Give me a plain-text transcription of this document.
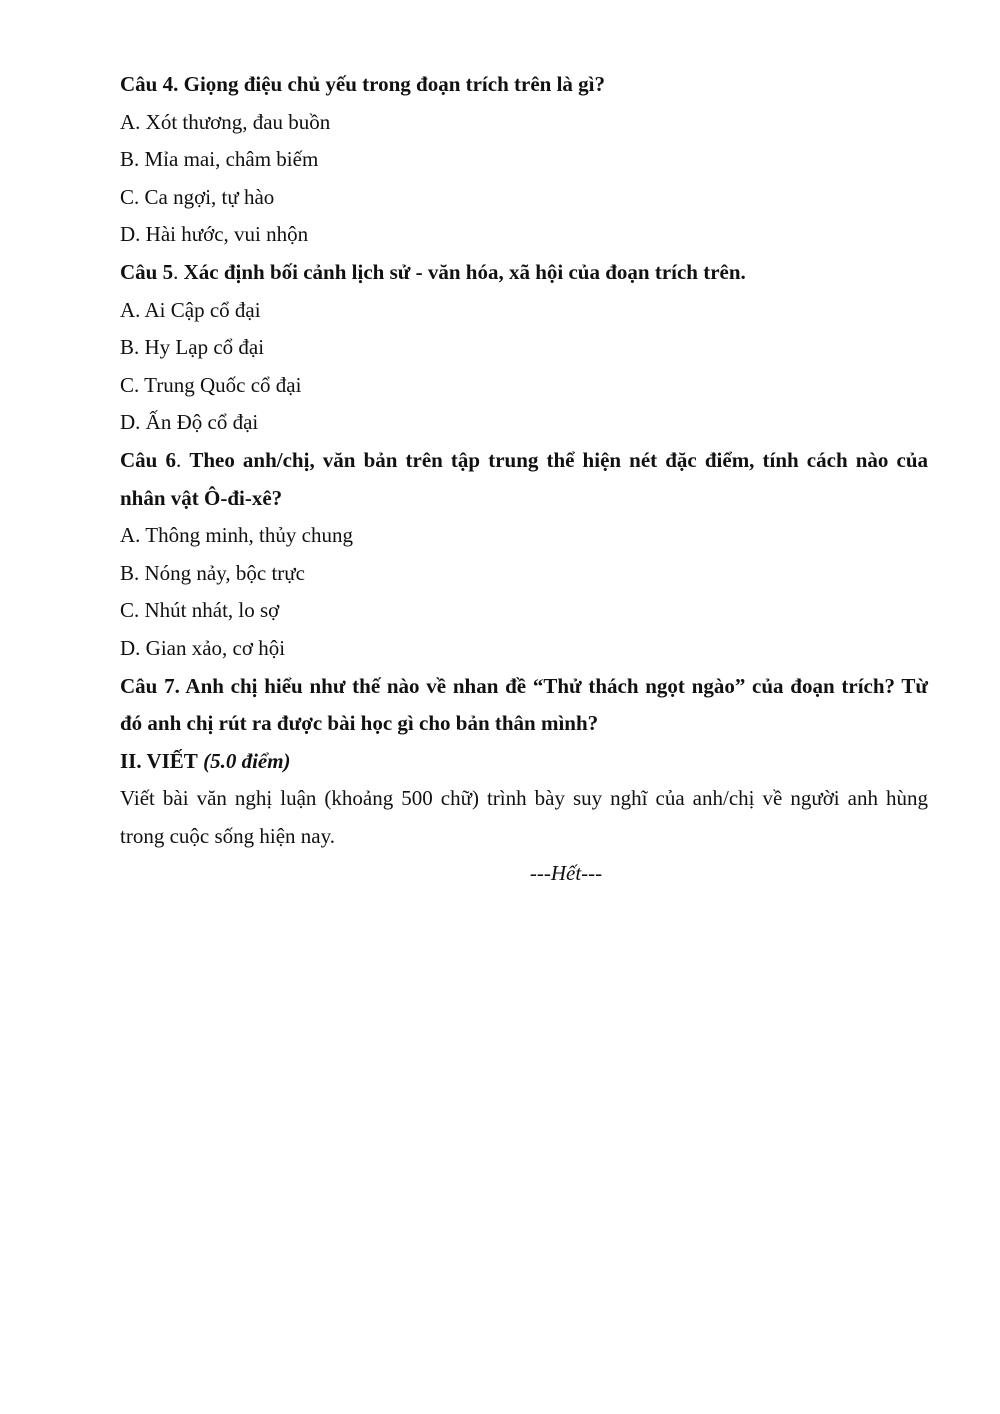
Câu 4. Giọng điệu chủ yếu trong đoạn trích trên là gì?

A. Xót thương, đau buồn

B. Mỉa mai, châm biếm

C. Ca ngợi, tự hào

D. Hài hước, vui nhộn

Câu 5. Xác định bối cảnh lịch sử - văn hóa, xã hội của đoạn trích trên.

A. Ai Cập cổ đại

B. Hy Lạp cổ đại

C. Trung Quốc cổ đại

D. Ấn Độ cổ đại

Câu 6. Theo anh/chị, văn bản trên tập trung thể hiện nét đặc điểm, tính cách nào của nhân vật Ô-đi-xê?

A. Thông minh, thủy chung

B. Nóng nảy, bộc trực

C. Nhút nhát, lo sợ

D. Gian xảo, cơ hội

Câu 7. Anh chị hiểu như thế nào về nhan đề “Thử thách ngọt ngào” của đoạn trích? Từ đó anh chị rút ra được bài học gì cho bản thân mình?

II. VIẾT (5.0 điểm)

Viết bài văn nghị luận (khoảng 500 chữ) trình bày suy nghĩ của anh/chị về người anh hùng trong cuộc sống hiện nay.

---Hết---
